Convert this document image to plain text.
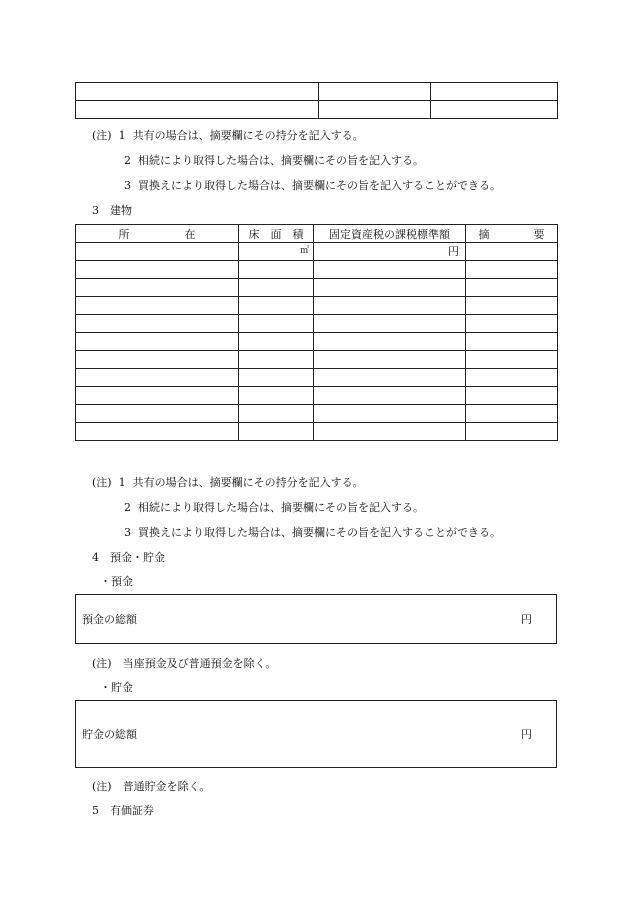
(注) 1 共有の場合は、摘要欄にその持分を記入する。
2 相続により取得した場合は、摘要欄にその旨を記入する。
3 買換えにより取得した場合は、摘要欄にその旨を記入することができる。
3　建物
所　　　　　在	床　面　積	固定資産税の課税標準額	摘　　　　要
	㎡	円	

(注) 1 共有の場合は、摘要欄にその持分を記入する。
2 相続により取得した場合は、摘要欄にその旨を記入する。
3 買換えにより取得した場合は、摘要欄にその旨を記入することができる。
4　預金・貯金
・預金
預金の総額	円
(注)　当座預金及び普通預金を除く。
・貯金
貯金の総額	円
(注)　普通貯金を除く。
5　有価証券
